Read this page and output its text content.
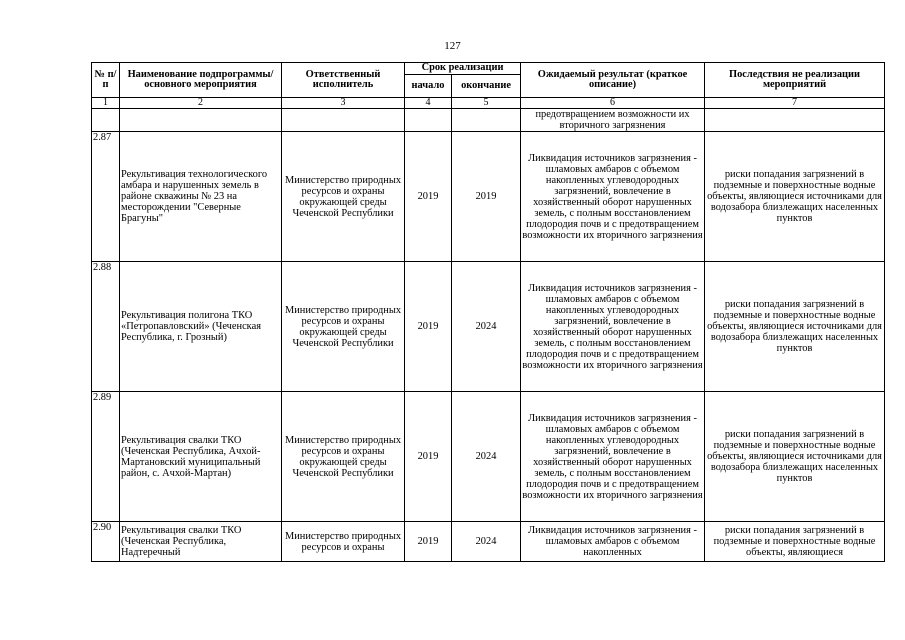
127
№ п/п	Наименование подпрограммы/ основного мероприятия	Ответственный исполнитель	Срок реализации		Ожидаемый результат (краткое описание)	Последствия не реализации мероприятий
			начало	окончание		
1	2	3	4	5	6	7
					предотвращением возможности их вторичного загрязнения	
2.87	Рекультивация технологического амбара и нарушенных земель в районе скважины № 23 на месторождении "Северные Брагуны"	Министерство природных ресурсов и охраны окружающей среды Чеченской Республики	2019	2019	Ликвидация источников загрязнения - шламовых амбаров с объемом накопленных углеводородных загрязнений, вовлечение в хозяйственный оборот нарушенных земель, с полным восстановлением плодородия почв и с предотвращением возможности их вторичного загрязнения	риски попадания загрязнений в подземные и поверхностные водные объекты, являющиеся источниками для водозабора близлежащих населенных пунктов
2.88	Рекультивация полигона ТКО «Петропавловский» (Чеченская Республика, г. Грозный)	Министерство природных ресурсов и охраны окружающей среды Чеченской Республики	2019	2024	Ликвидация источников загрязнения - шламовых амбаров с объемом накопленных углеводородных загрязнений, вовлечение в хозяйственный оборот нарушенных земель, с полным восстановлением плодородия почв и с предотвращением возможности их вторичного загрязнения	риски попадания загрязнений в подземные и поверхностные водные объекты, являющиеся источниками для водозабора близлежащих населенных пунктов
2.89	Рекультивация свалки ТКО (Чеченская Республика, Ачхой-Мартановский муниципальный район, с. Ачхой-Мартан)	Министерство природных ресурсов и охраны окружающей среды Чеченской Республики	2019	2024	Ликвидация источников загрязнения - шламовых амбаров с объемом накопленных углеводородных загрязнений, вовлечение в хозяйственный оборот нарушенных земель, с полным восстановлением плодородия почв и с предотвращением возможности их вторичного загрязнения	риски попадания загрязнений в подземные и поверхностные водные объекты, являющиеся источниками для водозабора близлежащих населенных пунктов
2.90	Рекультивация свалки ТКО (Чеченская Республика, Надтеречный	Министерство природных ресурсов и охраны	2019	2024	Ликвидация источников загрязнения - шламовых амбаров с объемом накопленных	риски попадания загрязнений в подземные и поверхностные водные объекты, являющиеся
